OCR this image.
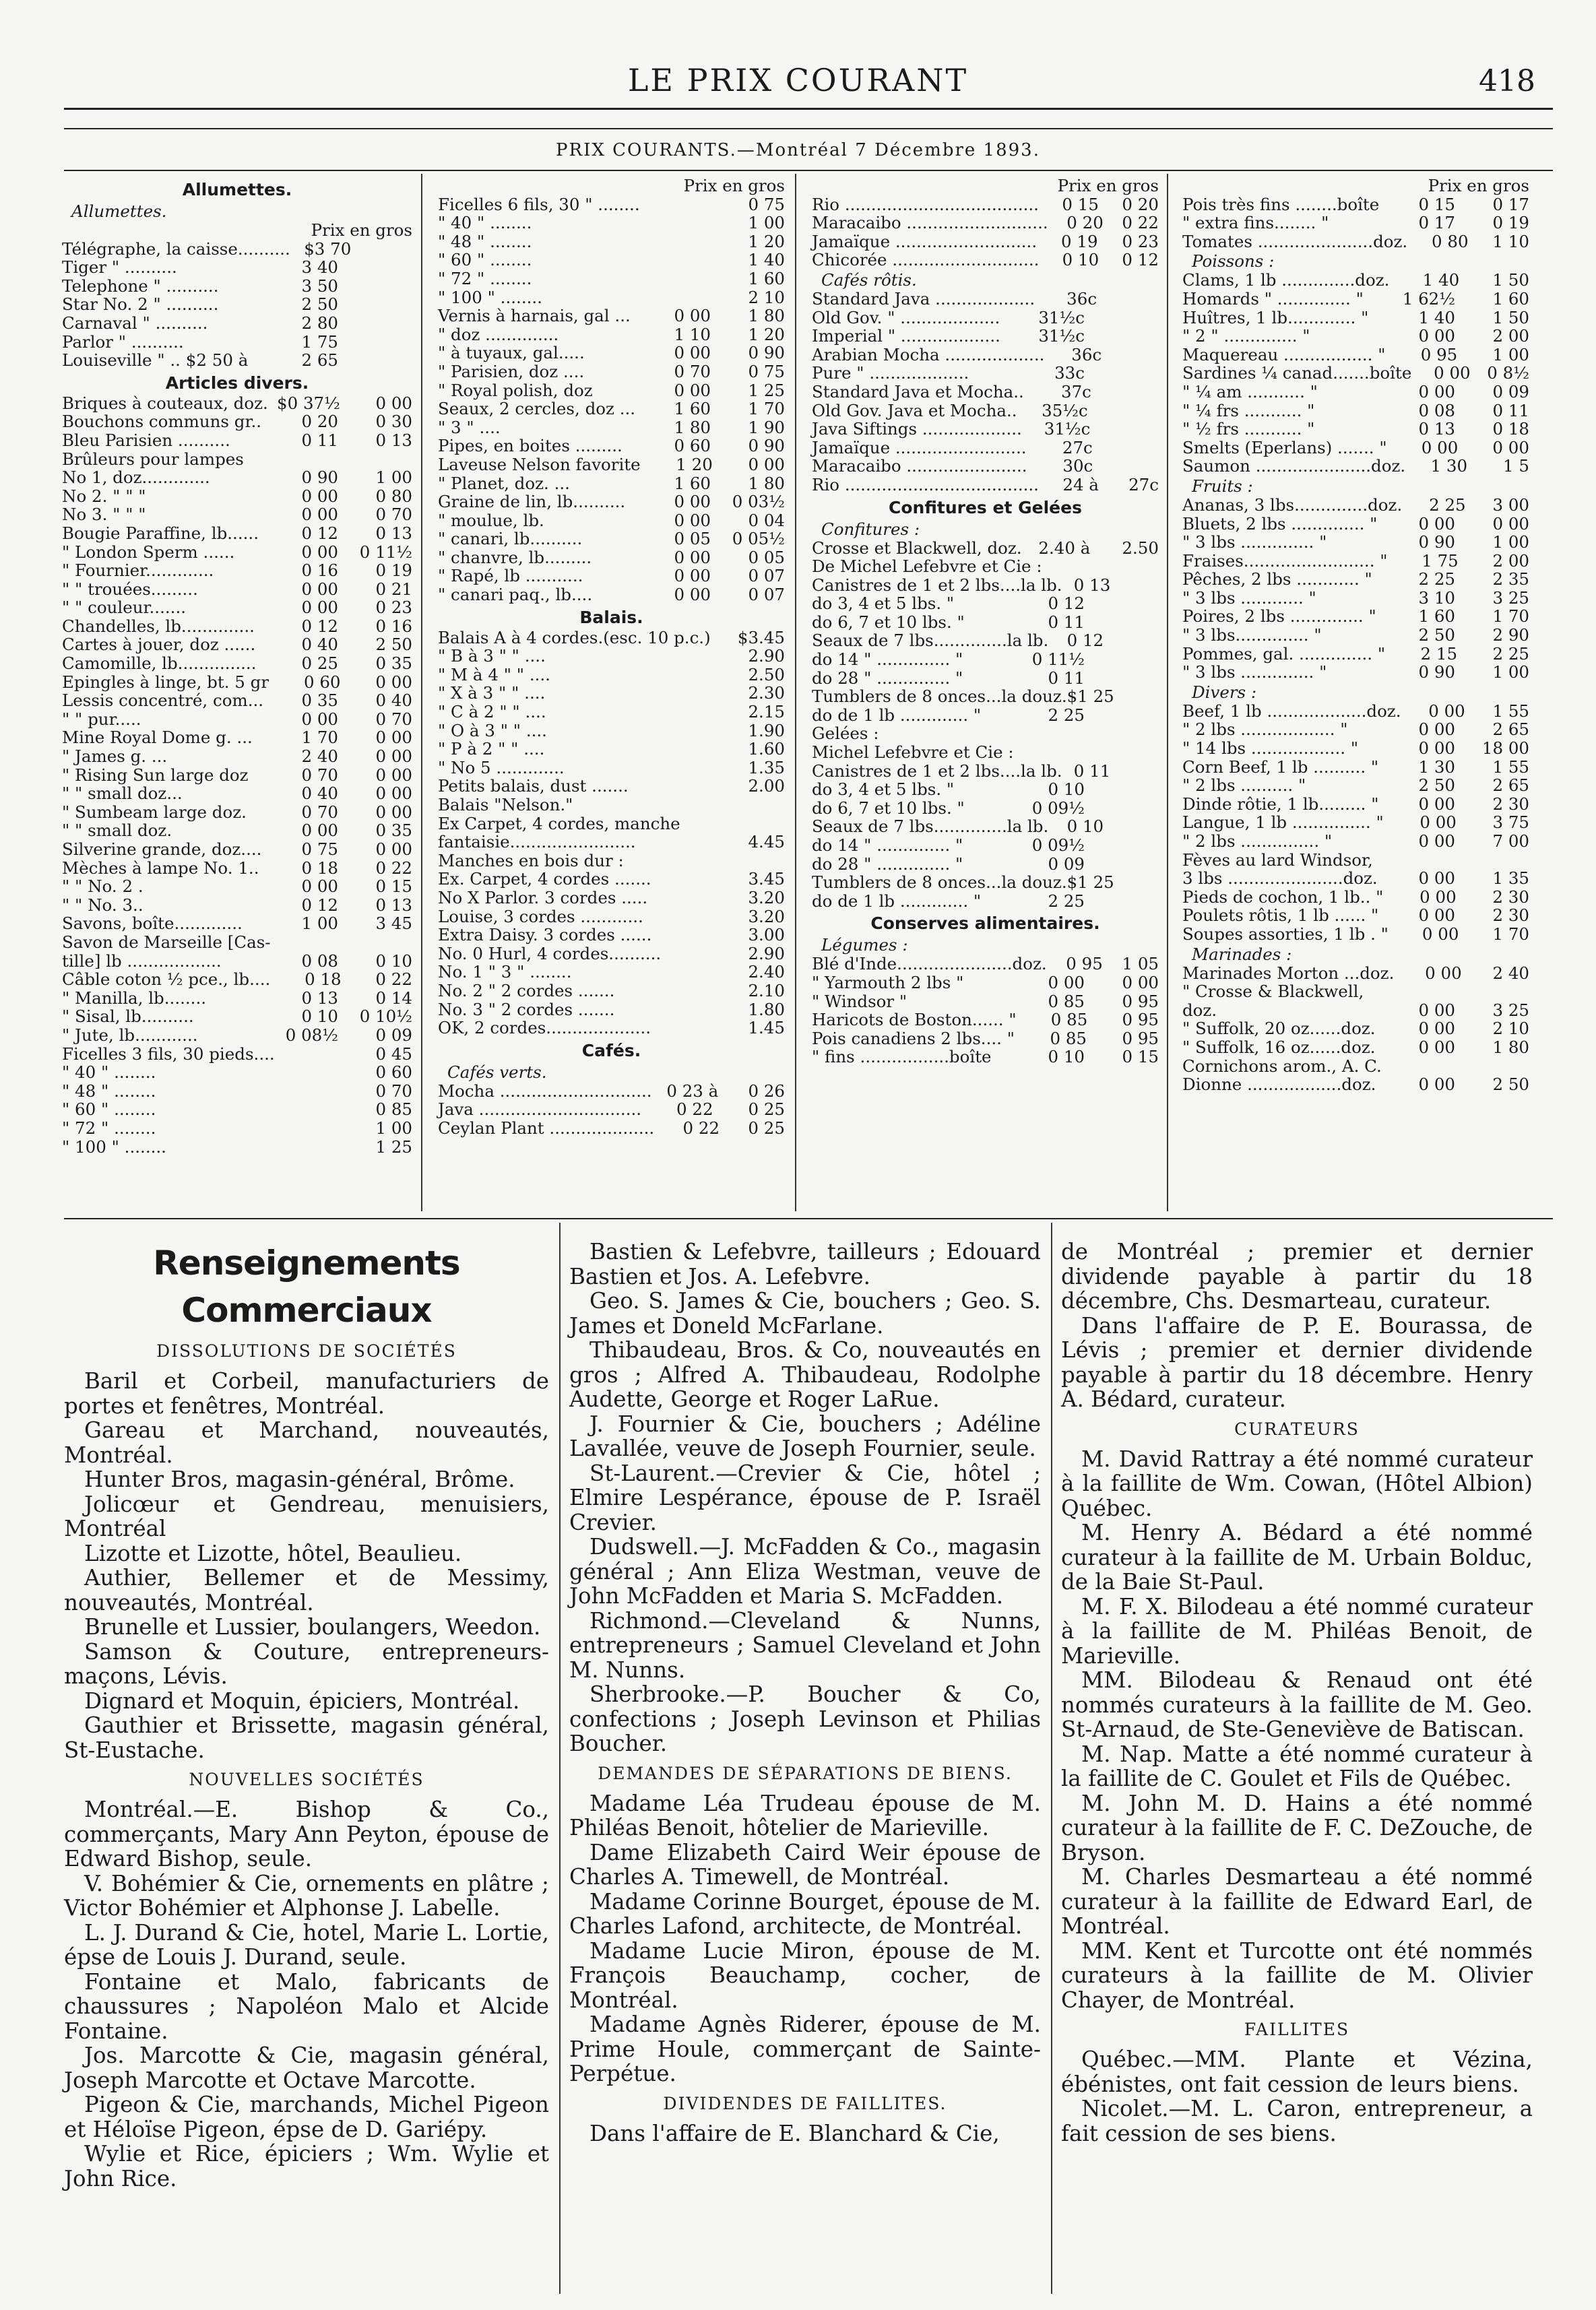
LE PRIX COURANT	418
PRIX COURANTS.—Montréal 7 Décembre 1893.
Allumettes.
Allumettes.
Prix en gros
Télégraphe, la caisse.......... $3 70
Tiger " ..........	3 40
Telephone " ..........	3 50
Star No. 2 " ..........	2 50
Carnaval " ..........	2 80
Parlor " ..........	1 75
Louiseville " .. $2 50 à	2 65
Articles divers.
Briques à couteaux, doz. $0 37½	0 00
Bouchons communs gr..	0 20	0 30
Bleu Parisien ..........	0 11	0 13
Brûleurs pour lampes
No 1, doz.............	0 90	1 00
No 2. " " "	0 00	0 80
No 3. " " "	0 00	0 70
Bougie Paraffine, lb......	0 12	0 13
" London Sperm ......	0 00	0 11½
" Fournier.............	0 16	0 19
" " trouées.........	0 00	0 21
" " couleur.......	0 00	0 23
Chandelles, lb..............	0 12	0 16
Cartes à jouer, doz ......	0 40	2 50
Camomille, lb...............	0 25	0 35
Epingles à linge, bt. 5 gr	0 60	0 00
Lessis concentré, com...	0 35	0 40
" " pur.....	0 00	0 70
Mine Royal Dome g. ...	1 70	0 00
" James g. ...	2 40	0 00
" Rising Sun large doz	0 70	0 00
" " small doz...	0 40	0 00
" Sumbeam large doz.	0 70	0 00
" " small doz.	0 00	0 35
Silverine grande, doz....	0 75	0 00
Mèches à lampe No. 1..	0 18	0 22
" " No. 2 .	0 00	0 15
" " No. 3..	0 12	0 13
Savons, boîte.............	1 00	3 45
Savon de Marseille [Cas-
tille] lb ..................	0 08	0 10
Câble coton ½ pce., lb....	0 18	0 22
" Manilla, lb........	0 13	0 14
" Sisal, lb..........	0 10	0 10½
" Jute, lb............	0 08½	0 09
Ficelles 3 fils, 30 pieds....	0 45
" 40 " ........	0 60
" 48 " ........	0 70
" 60 " ........	0 85
" 72 " ........	1 00
" 100 " ........	1 25
Prix en gros
Ficelles 6 fils, 30 " ........	0 75
" 40 " ........	1 00
" 48 " ........	1 20
" 60 " ........	1 40
" 72 " ........	1 60
" 100 " ........	2 10
Vernis à harnais, gal ...	0 00	1 80
" doz ..............	1 10	1 20
" à tuyaux, gal.....	0 00	0 90
" Parisien, doz ....	0 70	0 75
" Royal polish, doz	0 00	1 25
Seaux, 2 cercles, doz ...	1 60	1 70
" 3 " ....	1 80	1 90
Pipes, en boites .........	0 60	0 90
Laveuse Nelson favorite	1 20	0 00
" Planet, doz. ...	1 60	1 80
Graine de lin, lb..........	0 00	0 03½
" moulue, lb.	0 00	0 04
" canari, lb..........	0 05	0 05½
" chanvre, lb.........	0 00	0 05
" Rapé, lb ...........	0 00	0 07
" canari paq., lb....	0 00	0 07
Balais.
Balais A à 4 cordes.(esc. 10 p.c.) $3.45
" B à 3 " " ....	2.90
" M à 4 " " ....	2.50
" X à 3 " " ....	2.30
" C à 2 " " ....	2.15
" O à 3 " " ....	1.90
" P à 2 " " ....	1.60
" No 5 .............	1.35
Petits balais, dust .......	2.00
Balais "Nelson."
Ex Carpet, 4 cordes, manche
fantaisie........................	4.45
Manches en bois dur :
Ex. Carpet, 4 cordes .......	3.45
No X Parlor. 3 cordes .....	3.20
Louise, 3 cordes ............	3.20
Extra Daisy. 3 cordes ......	3.00
No. 0 Hurl, 4 cordes..........	2.90
No. 1 " 3 " ........	2.40
No. 2 " 2 cordes .......	2.10
No. 3 " 2 cordes .......	1.80
OK, 2 cordes....................	1.45
Cafés.
Cafés verts.
Mocha ............................. 0 23 à	0 26
Java ...............................	0 22	0 25
Ceylan Plant ....................	0 22	0 25
Prix en gros
Rio .....................................	0 15	0 20
Maracaibo ...........................	0 20	0 22
Jamaïque ...........................	0 19	0 23
Chicorée ............................	0 10	0 12
Cafés rôtis.
Standard Java ...................	36c
Old Gov. " ...................	31½c
Imperial " ...................	31½c
Arabian Mocha ...................	36c
Pure " ...................	33c
Standard Java et Mocha..	37c
Old Gov. Java et Mocha..	35½c
Java Siftings ...................	31½c
Jamaïque .........................	27c
Maracaibo .......................	30c
Rio .....................................	24 à	27c
Confitures et Gelées
Confitures :
Crosse et Blackwell, doz.	2.40 à	2.50
De Michel Lefebvre et Cie :
Canistres de 1 et 2 lbs....la lb. 0 13
do 3, 4 et 5 lbs. "	0 12
do 6, 7 et 10 lbs. "	0 11
Seaux de 7 lbs..............la lb.	0 12
do 14 " .............. "	0 11½
do 28 " .............. "	0 11
Tumblers de 8 onces...la douz. $1 25
do de 1 lb ............. "	2 25
Gelées :
Michel Lefebvre et Cie :
Canistres de 1 et 2 lbs....la lb. 0 11
do 3, 4 et 5 lbs. "	0 10
do 6, 7 et 10 lbs. "	0 09½
Seaux de 7 lbs..............la lb.	0 10
do 14 " .............. "	0 09½
do 28 " .............. "	0 09
Tumblers de 8 onces...la douz. $1 25
do de 1 lb ............. "	2 25
Conserves alimentaires.
Légumes :
Blé d'Inde......................doz.	0 95	1 05
" Yarmouth 2 lbs "	0 00	0 00
" Windsor "	0 85	0 95
Haricots de Boston...... "	0 85	0 95
Pois canadiens 2 lbs.... "	0 85	0 95
" fins .................boîte	0 10	0 15
Prix en gros
Pois très fins ........boîte	0 15	0 17
" extra fins........ "	0 17	0 19
Tomates ......................doz.	0 80	1 10
Poissons :
Clams, 1 lb ..............doz.	1 40	1 50
Homards " .............. "	1 62½	1 60
Huîtres, 1 lb............. "	1 40	1 50
" 2 " .............. "	0 00	2 00
Maquereau ................. "	0 95	1 00
Sardines ¼ canad.......boîte	0 00	0 8½
" ¼ am ........... "	0 00	0 09
" ¼ frs ........... "	0 08	0 11
" ½ frs ........... "	0 13	0 18
Smelts (Eperlans) ....... "	0 00	0 00
Saumon ......................doz.	1 30	1 5
Fruits :
Ananas, 3 lbs..............doz.	2 25	3 00
Bluets, 2 lbs .............. "	0 00	0 00
" 3 lbs .............. "	0 90	1 00
Fraises......................... "	1 75	2 00
Pêches, 2 lbs ............ "	2 25	2 35
" 3 lbs ............ "	3 10	3 25
Poires, 2 lbs .............. "	1 60	1 70
" 3 lbs.............. "	2 50	2 90
Pommes, gal. .............. "	2 15	2 25
" 3 lbs .............. "	0 90	1 00
Divers :
Beef, 1 lb ...................doz.	0 00	1 55
" 2 lbs .................. "	0 00	2 65
" 14 lbs .................. "	0 00	18 00
Corn Beef, 1 lb .......... "	1 30	1 55
" 2 lbs .......... "	2 50	2 65
Dinde rôtie, 1 lb......... "	0 00	2 30
Langue, 1 lb ............... "	0 00	3 75
" 2 lbs ............... "	0 00	7 00
Fèves au lard Windsor,
3 lbs ......................doz.	0 00	1 35
Pieds de cochon, 1 lb.. "	0 00	2 30
Poulets rôtis, 1 lb ...... "	0 00	2 30
Soupes assorties, 1 lb . "	0 00	1 70
Marinades :
Marinades Morton ...doz.	0 00	2 40
" Crosse & Blackwell,
doz.	0 00	3 25
" Suffolk, 20 oz......doz.	0 00	2 10
" Suffolk, 16 oz......doz.	0 00	1 80
Cornichons arom., A. C.
Dionne ..................doz.	0 00	2 50
Renseignements Commerciaux
DISSOLUTIONS DE SOCIÉTÉS

Baril et Corbeil, manufacturiers de portes et fenêtres, Montréal.

Gareau et Marchand, nouveautés, Montréal.

Hunter Bros, magasin-général, Brôme.

Jolicœur et Gendreau, menuisiers, Montréal

Lizotte et Lizotte, hôtel, Beaulieu.

Authier, Bellemer et de Messimy, nouveautés, Montréal.

Brunelle et Lussier, boulangers, Weedon.

Samson & Couture, entrepreneurs-maçons, Lévis.

Dignard et Moquin, épiciers, Montréal.

Gauthier et Brissette, magasin général, St-Eustache.

NOUVELLES SOCIÉTÉS

Montréal.—E. Bishop & Co., commerçants, Mary Ann Peyton, épouse de Edward Bishop, seule.

V. Bohémier & Cie, ornements en plâtre ; Victor Bohémier et Alphonse J. Labelle.

L. J. Durand & Cie, hotel, Marie L. Lortie, épse de Louis J. Durand, seule.

Fontaine et Malo, fabricants de chaussures ; Napoléon Malo et Alcide Fontaine.

Jos. Marcotte & Cie, magasin général, Joseph Marcotte et Octave Marcotte.

Pigeon & Cie, marchands, Michel Pigeon et Héloïse Pigeon, épse de D. Gariépy.

Wylie et Rice, épiciers ; Wm. Wylie et John Rice.

Bastien & Lefebvre, tailleurs ; Edouard Bastien et Jos. A. Lefebvre.

Geo. S. James & Cie, bouchers ; Geo. S. James et Doneld McFarlane.

Thibaudeau, Bros. & Co, nouveautés en gros ; Alfred A. Thibaudeau, Rodolphe Audette, George et Roger LaRue.

J. Fournier & Cie, bouchers ; Adéline Lavallée, veuve de Joseph Fournier, seule.

St-Laurent.—Crevier & Cie, hôtel ; Elmire Lespérance, épouse de P. Israël Crevier.

Dudswell.—J. McFadden & Co., magasin général ; Ann Eliza Westman, veuve de John McFadden et Maria S. McFadden.

Richmond.—Cleveland & Nunns, entrepreneurs ; Samuel Cleveland et John M. Nunns.

Sherbrooke.—P. Boucher & Co, confections ; Joseph Levinson et Philias Boucher.

DEMANDES DE SÉPARATIONS DE BIENS.

Madame Léa Trudeau épouse de M. Philéas Benoit, hôtelier de Marieville.

Dame Elizabeth Caird Weir épouse de Charles A. Timewell, de Montréal.

Madame Corinne Bourget, épouse de M. Charles Lafond, architecte, de Montréal.

Madame Lucie Miron, épouse de M. François Beauchamp, cocher, de Montréal.

Madame Agnès Riderer, épouse de M. Prime Houle, commerçant de Sainte-Perpétue.

DIVIDENDES DE FAILLITES.

Dans l'affaire de E. Blanchard & Cie,

de Montréal ; premier et dernier dividende payable à partir du 18 décembre, Chs. Desmarteau, curateur.

Dans l'affaire de P. E. Bourassa, de Lévis ; premier et dernier dividende payable à partir du 18 décembre. Henry A. Bédard, curateur.

CURATEURS

M. David Rattray a été nommé curateur à la faillite de Wm. Cowan, (Hôtel Albion) Québec.

M. Henry A. Bédard a été nommé curateur à la faillite de M. Urbain Bolduc, de la Baie St-Paul.

M. F. X. Bilodeau a été nommé curateur à la faillite de M. Philéas Benoit, de Marieville.

MM. Bilodeau & Renaud ont été nommés curateurs à la faillite de M. Geo. St-Arnaud, de Ste-Geneviève de Batiscan.

M. Nap. Matte a été nommé curateur à la faillite de C. Goulet et Fils de Québec.

M. John M. D. Hains a été nommé curateur à la faillite de F. C. DeZouche, de Bryson.

M. Charles Desmarteau a été nommé curateur à la faillite de Edward Earl, de Montréal.

MM. Kent et Turcotte ont été nommés curateurs à la faillite de M. Olivier Chayer, de Montréal.

FAILLITES

Québec.—MM. Plante et Vézina, ébénistes, ont fait cession de leurs biens.

Nicolet.—M. L. Caron, entrepreneur, a fait cession de ses biens.
